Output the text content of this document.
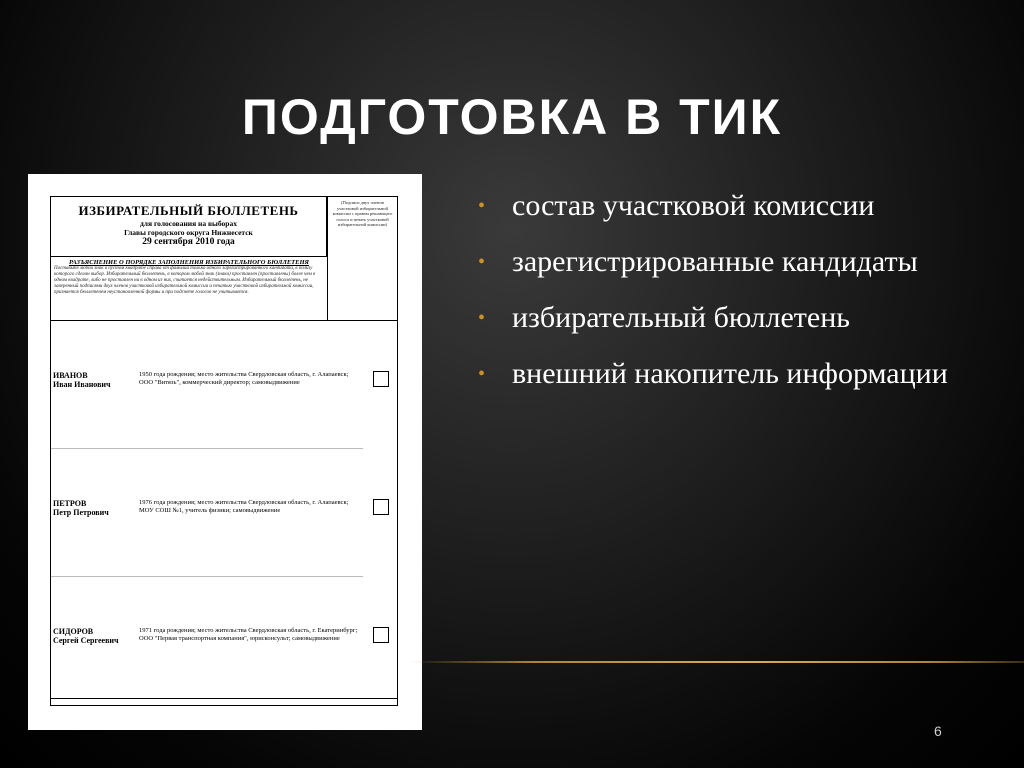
ПОДГОТОВКА В ТИК
ИЗБИРАТЕЛЬНЫЙ БЮЛЛЕТЕНЬ
для голосования на выборах
Главы городского округа Нижнесетск
29 сентября 2010 года
(Подписи двух членов участковой избирательной комиссии с правом решающего голоса и печать участковой избирательной комиссии)
РАЗЪЯСНЕНИЕ О ПОРЯДКЕ ЗАПОЛНЕНИЯ ИЗБИРАТЕЛЬНОГО БЮЛЛЕТЕНЯ
Поставьте любой знак в пустом квадрате справа от фамилии только одного зарегистрированного кандидата, в пользу которого сделан выбор. Избирательный бюллетень, в котором любой знак (знаки) проставлен (проставлены) более чем в одном квадрате, либо не проставлен ни в одном из них, считается недействительным. Избирательный бюллетень, не заверенный подписями двух членов участковой избирательной комиссии и печатью участковой избирательной комиссии, признается бюллетенем неустановленной формы и при подсчете голосов не учитывается.
ИВАНОВ
Иван Иванович
1950 года рождения; место жительства Свердловская область, г. Алапаевск; ООО "Витязь", коммерческий директор; самовыдвижение
ПЕТРОВ
Петр Петрович
1976 года рождения; место жительства Свердловская область, г. Алапаевск; МОУ СОШ №1, учитель физики; самовыдвижение
СИДОРОВ
Сергей Сергеевич
1971 года рождения; место жительства Свердловская область, г. Екатеринбург; ООО "Первая транспортная компания", юрисконсульт; самовыдвижение
• состав участковой комиссии
• зарегистрированные кандидаты
• избирательный бюллетень
• внешний накопитель информации
6
